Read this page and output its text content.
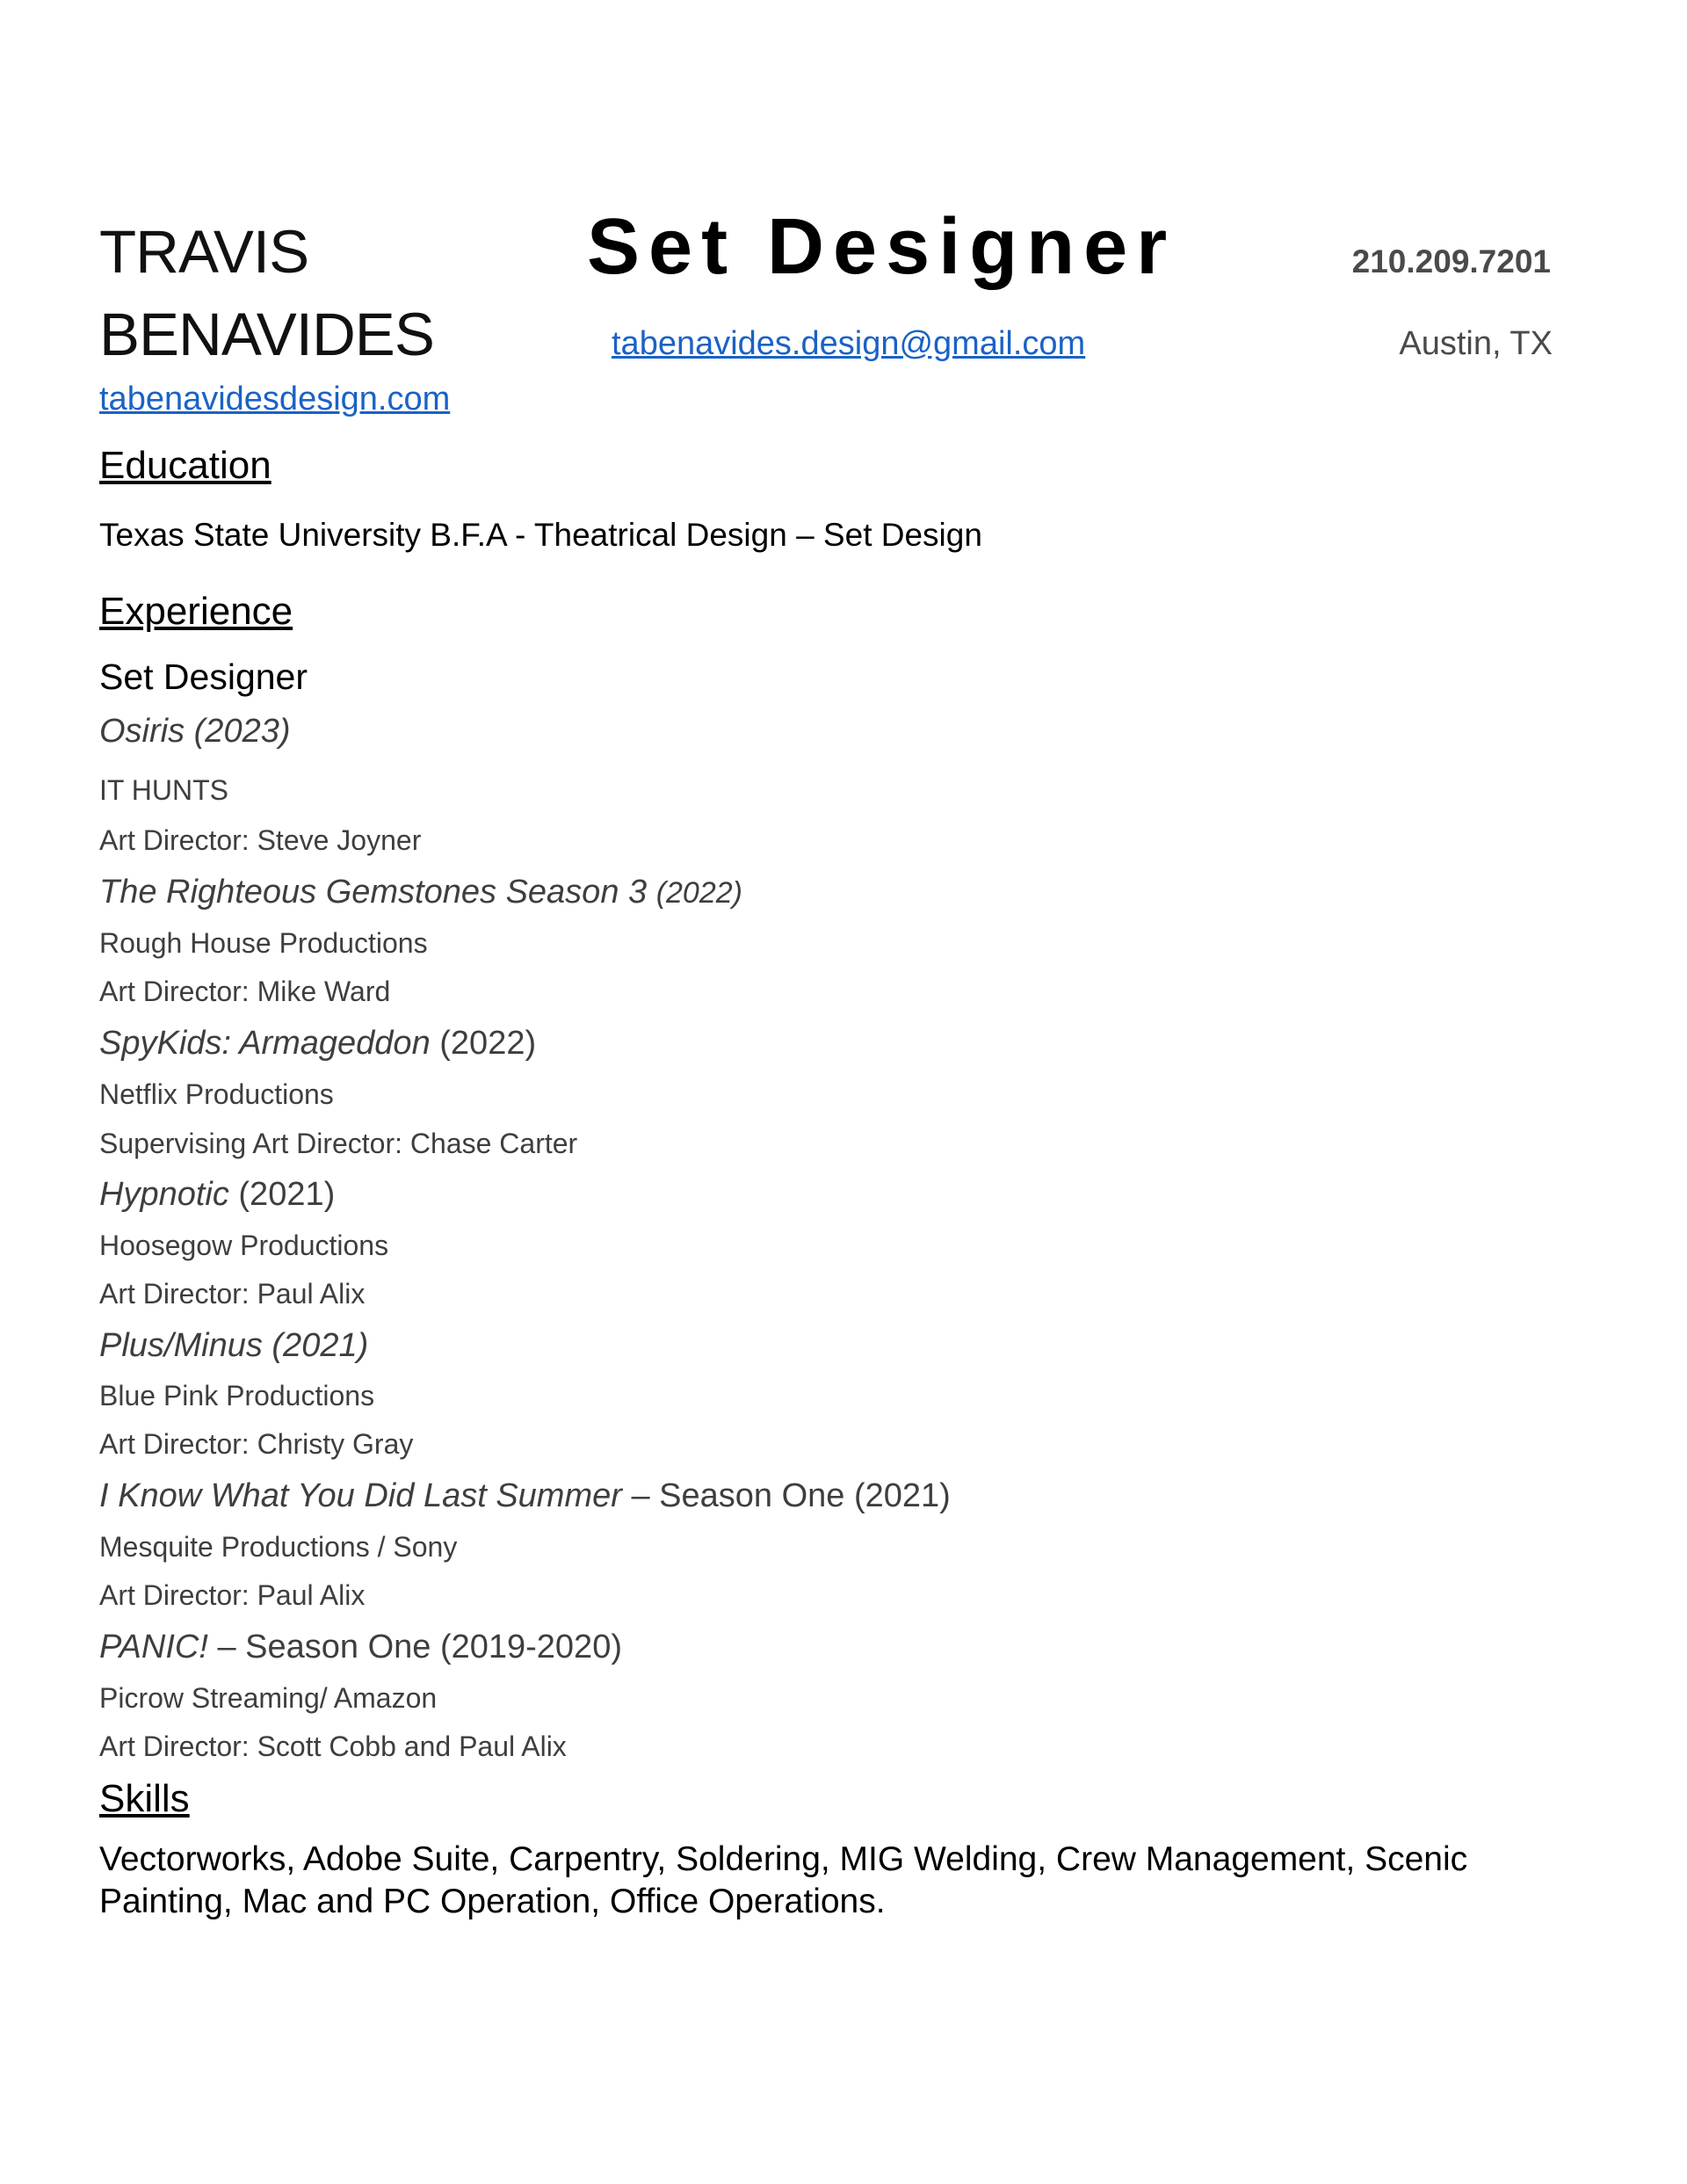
TRAVIS
BENAVIDES
Set Designer	210.209.7201
tabenavides.design@gmail.com	Austin, TX
tabenavidesdesign.com
Education
Texas State University B.F.A - Theatrical Design – Set Design
Experience
Set Designer
Osiris (2023)
IT HUNTS
Art Director: Steve Joyner
The Righteous Gemstones Season 3 (2022)
Rough House Productions
Art Director: Mike Ward
SpyKids: Armageddon (2022)
Netflix Productions
Supervising Art Director: Chase Carter
Hypnotic (2021)
Hoosegow Productions
Art Director: Paul Alix
Plus/Minus (2021)
Blue Pink Productions
Art Director: Christy Gray
I Know What You Did Last Summer – Season One (2021)
Mesquite Productions / Sony
Art Director: Paul Alix
PANIC! – Season One (2019-2020)
Picrow Streaming/ Amazon
Art Director: Scott Cobb and Paul Alix
Skills
Vectorworks, Adobe Suite, Carpentry, Soldering, MIG Welding, Crew Management, Scenic Painting, Mac and PC Operation, Office Operations.
